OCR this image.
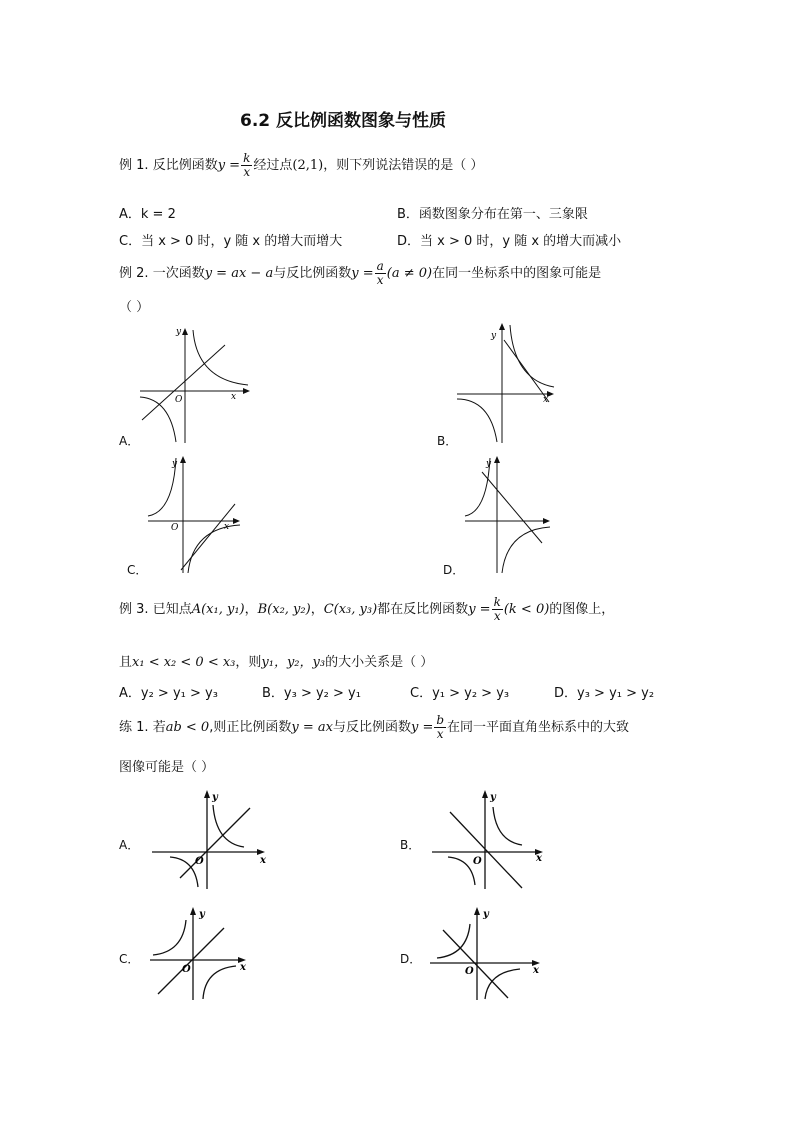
6.2 反比例函数图象与性质
例 1. 反比例函数$y = \frac{k}{x}$ 经过点(2,1)，则下列说法错误的是（ ）
A．k = 2	B．函数图象分布在第一、三象限
C．当 x > 0 时，y 随 x 的增大而增大	D．当 x > 0 时，y 随 x 的增大而减小
例 2. 一次函数y = ax − a与反比例函数$y = \frac{a}{x} (a \ne 0)$在同一坐标系中的图象可能是
（ ）
A．
O	x
y
B．
y
x
C．
y
O	x
D．
y
例 3. 已知点A(x₁, y₁)，B(x₂, y₂)，C(x₃, y₃)都在反比例函数$y = \frac{k}{x} (k < 0)$的图像上，
且x₁ < x₂ < 0 < x₃，则y₁，y₂，y₃的大小关系是（ ）
A．y₂ > y₁ > y₃	B．y₃ > y₂ > y₁	C．y₁ > y₂ > y₃	D．y₃ > y₁ > y₂
练 1. 若ab < 0,则正比例函数y = ax与反比例函数$y = \frac{b}{x}$ 在同一平面直角坐标系中的大致
图像可能是（ ）
A．
O	x
y
B．
O	x
y
C．
O	x
y
D．
O	x
y
